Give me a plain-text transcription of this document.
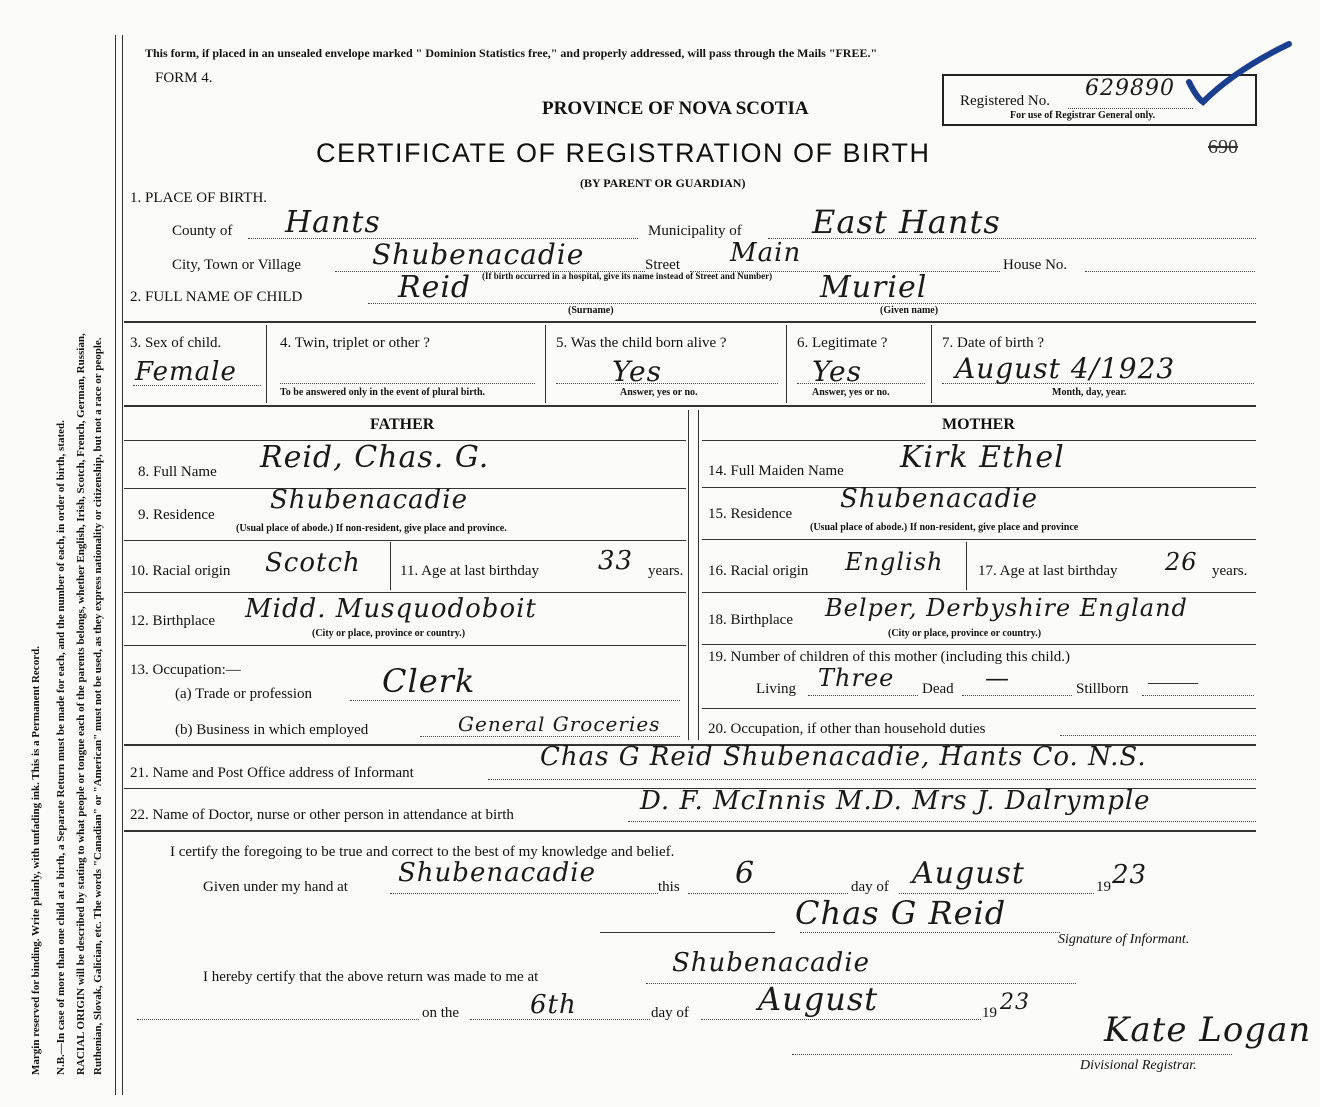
Margin reserved for binding. Write plainly, with unfading ink. This is a Permanent Record. N.B.—In case of more than one child at a birth, a Separate Return must be made for each, and the number of each, in order of birth, stated. RACIAL ORIGIN will be described by stating to what people or tongue each of the parents belongs, whether English, Irish, Scotch, French, German, Russian, Ruthenian, Slovak, Galician, etc. The words "Canadian" or "American" must not be used, as they express nationality or citizenship, but not a race or people.
This form, if placed in an unsealed envelope marked " Dominion Statistics free," and properly addressed, will pass through the Mails "FREE."
FORM 4.
PROVINCE OF NOVA SCOTIA
CERTIFICATE OF REGISTRATION OF BIRTH
(BY PARENT OR GUARDIAN)
Registered No. 629890
For use of Registrar General only.
690
1. PLACE OF BIRTH.
County of Hants	Municipality of East Hants
City, Town or Village	Shubenacadie	Street Main	House No.
(If birth occurred in a hospital, give its name instead of Street and Number)
2. FULL NAME OF CHILD	Reid
(Surname)
Muriel
(Given name)
3. Sex of child.
Female
4. Twin, triplet or other ?
To be answered only in the event of plural birth.
5. Was the child born alive ?
Yes
Answer, yes or no.
6. Legitimate ?
Yes
Answer, yes or no.
7. Date of birth ?
August 4/1923
Month, day, year.
FATHER	MOTHER
8. Full Name Reid, Chas. G.	14. Full Maiden Name Kirk Ethel
9. Residence Shubenacadie
(Usual place of abode.) If non-resident, give place and province.
15. Residence Shubenacadie
(Usual place of abode.) If non-resident, give place and province
10. Racial origin Scotch	11. Age at last birthday 33 years. 16. Racial origin English 17. Age at last birthday 26 years.
12. Birthplace Midd. Musquodoboit
(City or place, province or country.)
18. Birthplace Belper, Derbyshire England
(City or place, province or country.)
13. Occupation:—
(a) Trade or profession Clerk
(b) Business in which employed	General Groceries
19. Number of children of this mother (including this child.)
Living Three Dead —	Stillborn
20. Occupation, if other than household duties
21. Name and Post Office address of Informant
Chas G Reid Shubenacadie, Hants Co. N.S.
22. Name of Doctor, nurse or other person in attendance at birth	D. F. McInnis M.D. Mrs J. Dalrymple
I certify the foregoing to be true and correct to the best of my knowledge and belief.
Given under my hand at Shubenacadie	this 6	day of August	19 23
Chas G Reid
Signature of Informant.
I hereby certify that the above return was made to me at	Shubenacadie
on the	6th	day of August	19 23
Kate Logan
Divisional Registrar.
